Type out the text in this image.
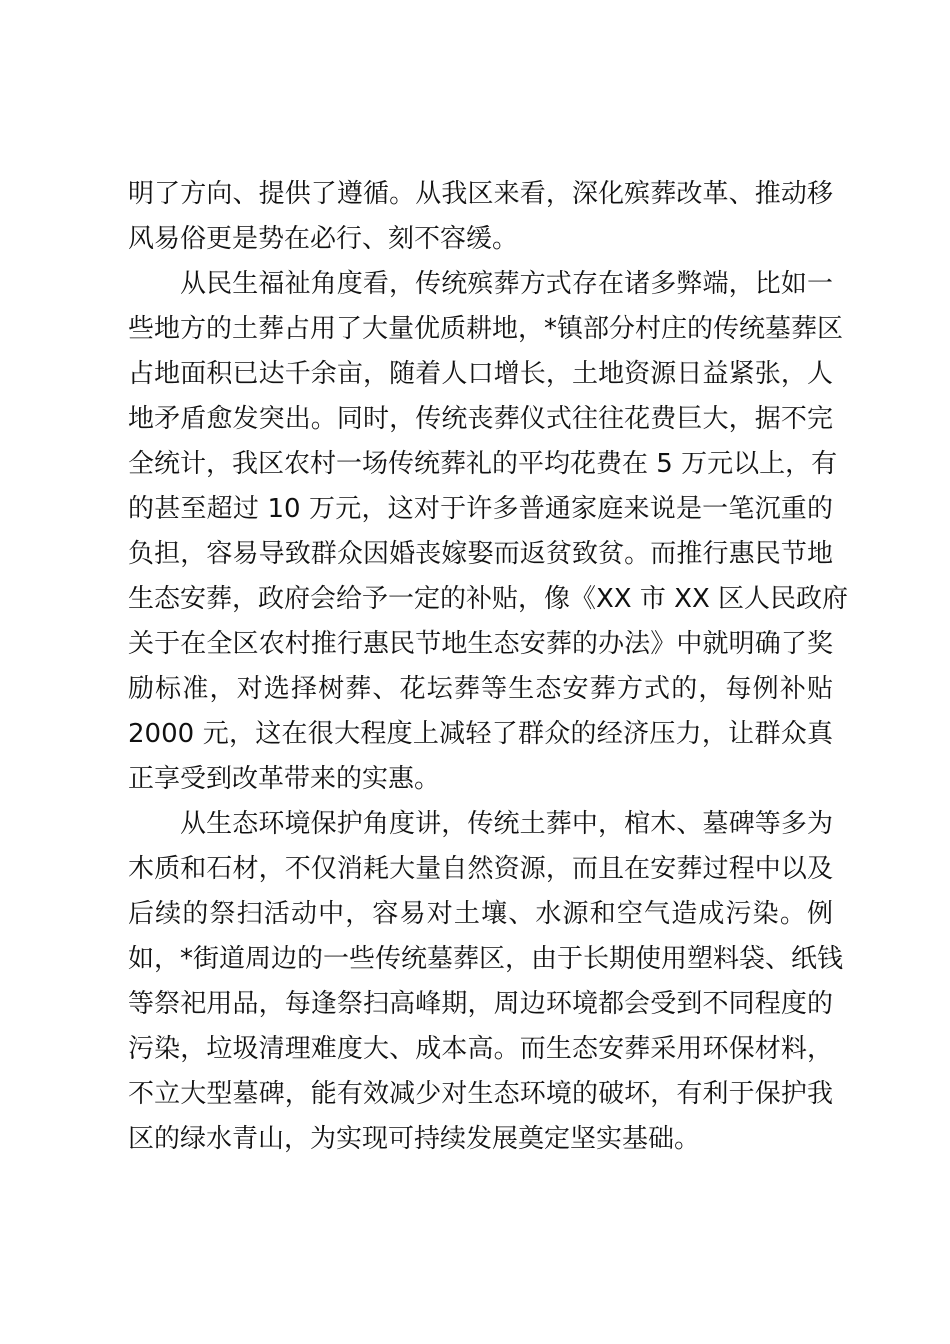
明了方向、提供了遵循。从我区来看，深化殡葬改革、推动移
风易俗更是势在必行、刻不容缓。
从民生福祉角度看，传统殡葬方式存在诸多弊端，比如一
些地方的土葬占用了大量优质耕地，*镇部分村庄的传统墓葬区
占地面积已达千余亩，随着人口增长，土地资源日益紧张，人
地矛盾愈发突出。同时，传统丧葬仪式往往花费巨大，据不完
全统计，我区农村一场传统葬礼的平均花费在 5 万元以上，有
的甚至超过 10 万元，这对于许多普通家庭来说是一笔沉重的
负担，容易导致群众因婚丧嫁娶而返贫致贫。而推行惠民节地
生态安葬，政府会给予一定的补贴，像《XX 市 XX 区人民政府
关于在全区农村推行惠民节地生态安葬的办法》中就明确了奖
励标准，对选择树葬、花坛葬等生态安葬方式的，每例补贴
2000 元，这在很大程度上减轻了群众的经济压力，让群众真
正享受到改革带来的实惠。
从生态环境保护角度讲，传统土葬中，棺木、墓碑等多为
木质和石材，不仅消耗大量自然资源，而且在安葬过程中以及
后续的祭扫活动中，容易对土壤、水源和空气造成污染。例
如，*街道周边的一些传统墓葬区，由于长期使用塑料袋、纸钱
等祭祀用品，每逢祭扫高峰期，周边环境都会受到不同程度的
污染，垃圾清理难度大、成本高。而生态安葬采用环保材料，
不立大型墓碑，能有效减少对生态环境的破坏，有利于保护我
区的绿水青山，为实现可持续发展奠定坚实基础。
